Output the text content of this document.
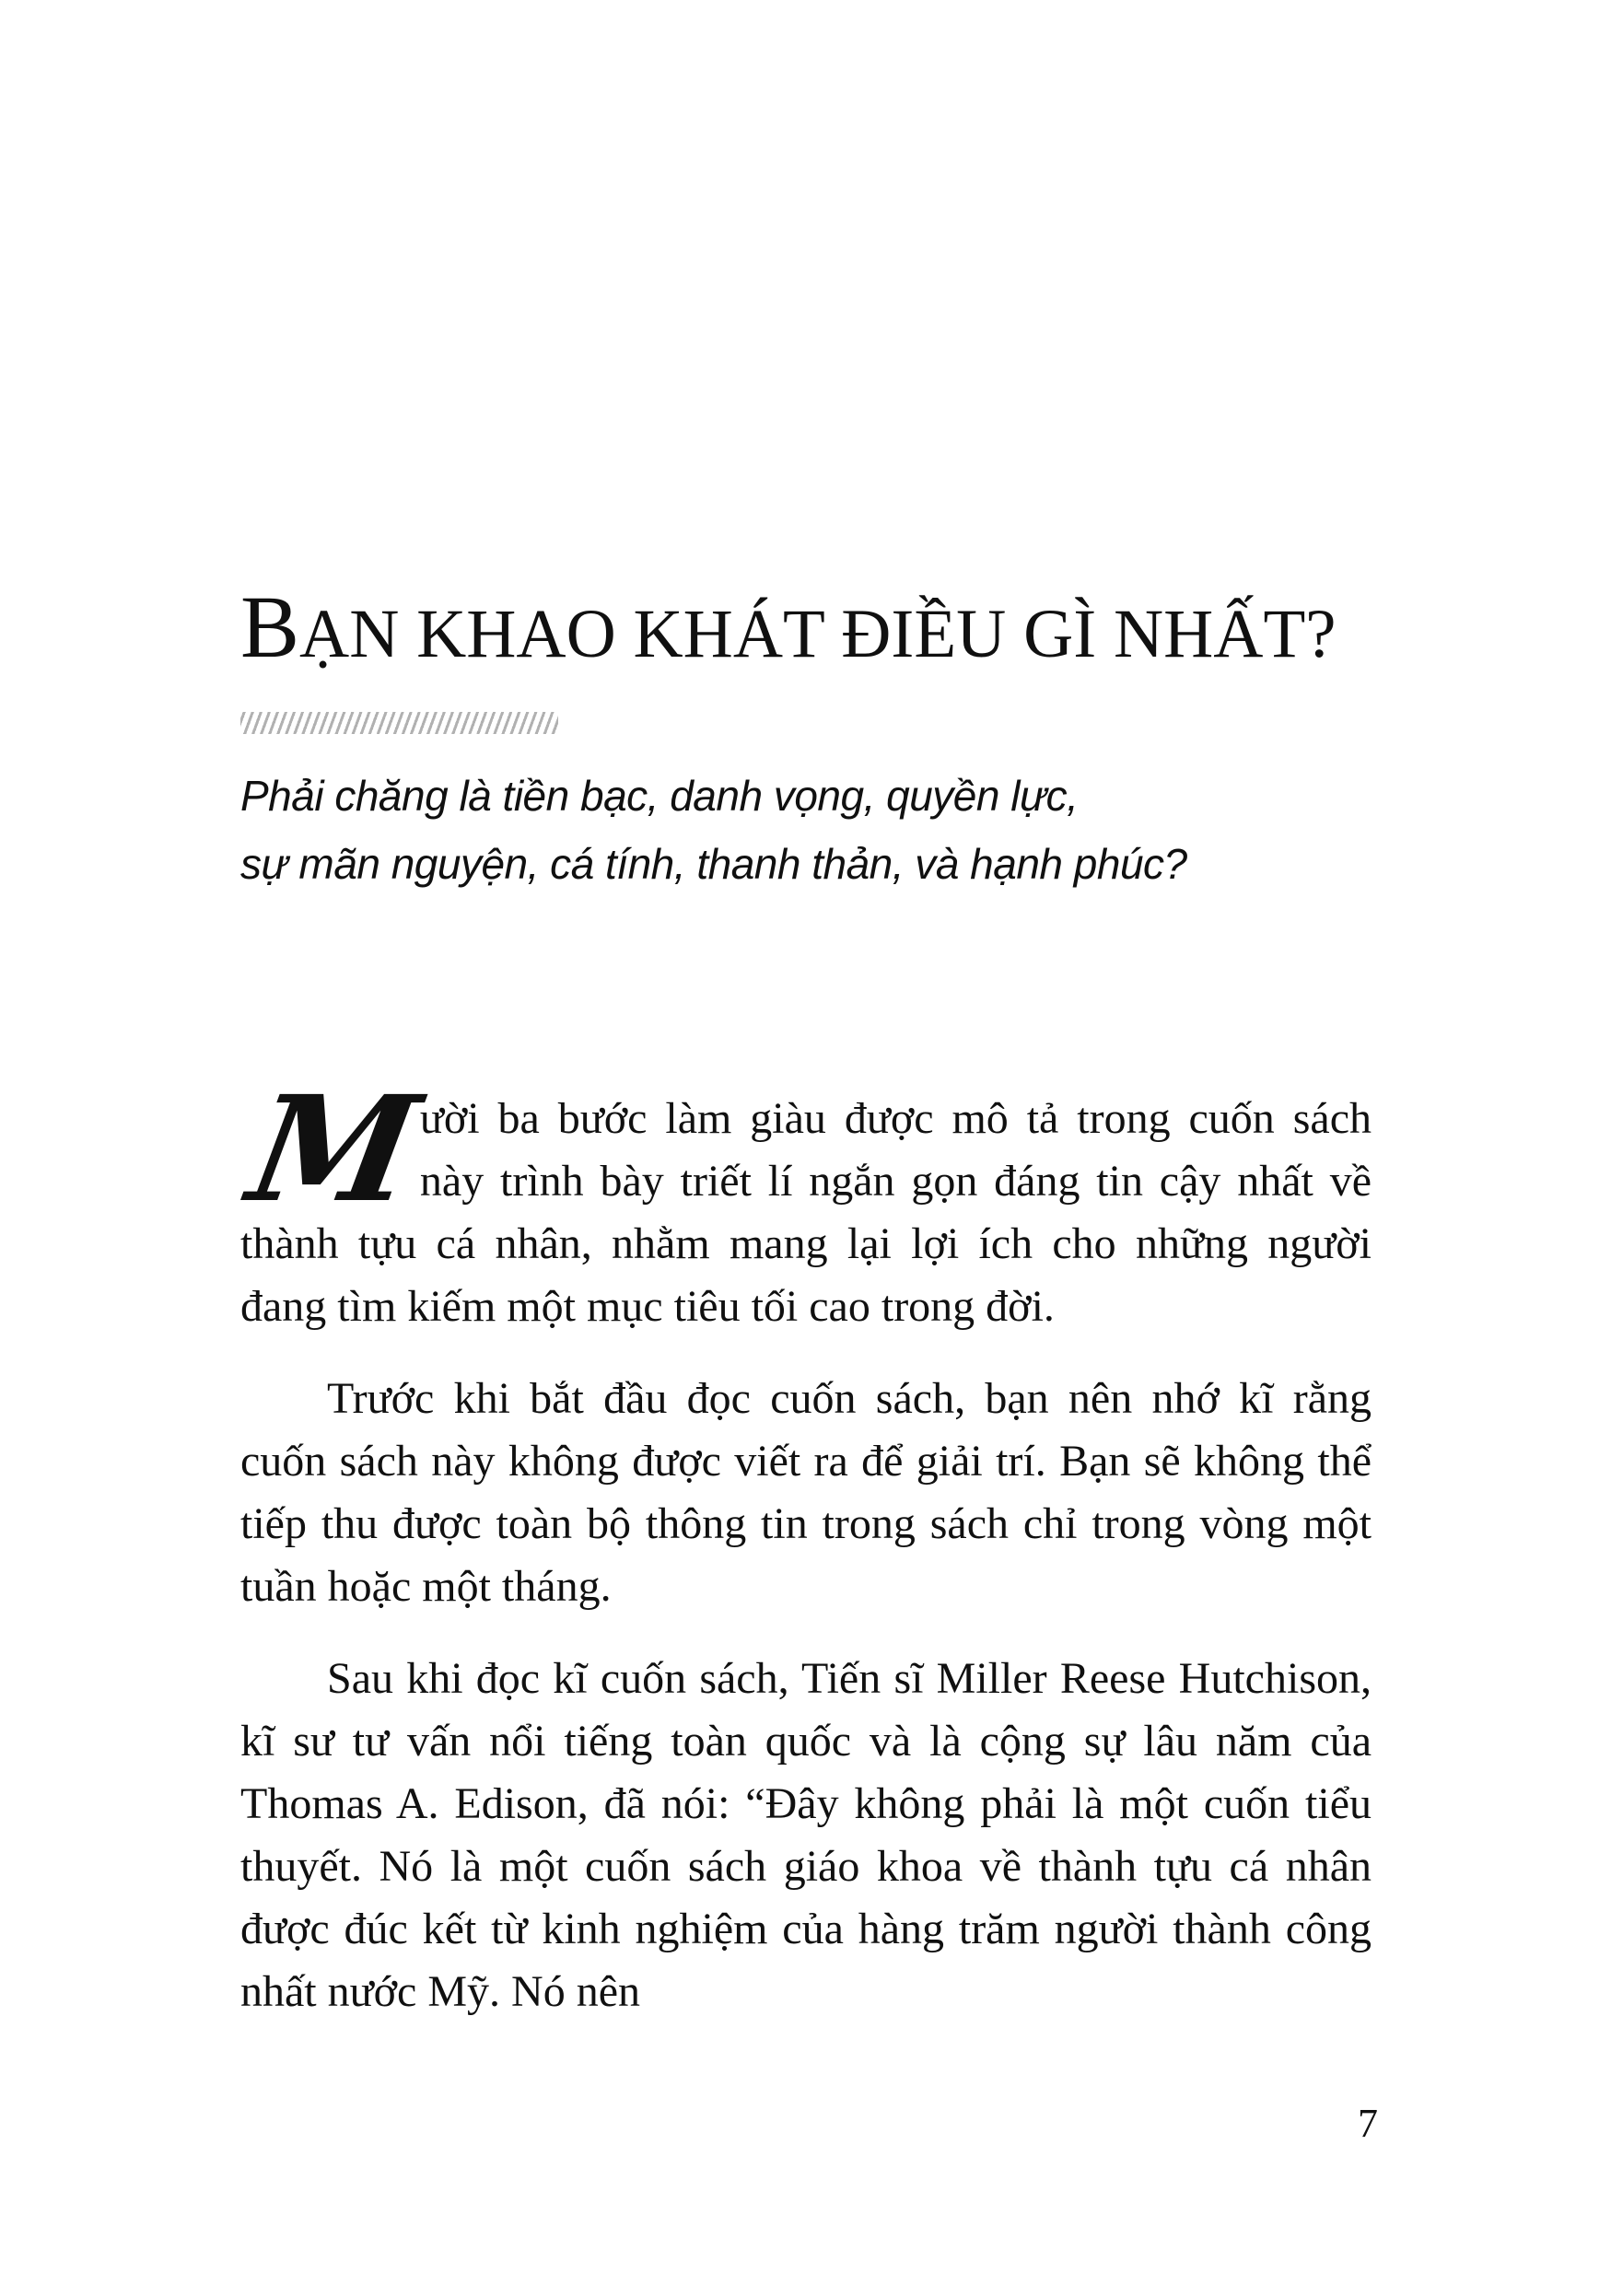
BẠN KHAO KHÁT ĐIỀU GÌ NHẤT?
Phải chăng là tiền bạc, danh vọng, quyền lực,
sự mãn nguyện, cá tính, thanh thản, và hạnh phúc?

M
ười ba bước làm giàu được mô tả trong cuốn sách này trình bày triết lí ngắn gọn đáng tin cậy nhất về thành tựu cá nhân, nhằm mang lại lợi ích cho những người đang tìm kiếm một mục tiêu tối cao trong đời.

Trước khi bắt đầu đọc cuốn sách, bạn nên nhớ kĩ rằng cuốn sách này không được viết ra để giải trí. Bạn sẽ không thể tiếp thu được toàn bộ thông tin trong sách chỉ trong vòng một tuần hoặc một tháng.

Sau khi đọc kĩ cuốn sách, Tiến sĩ Miller Reese Hutchison, kĩ sư tư vấn nổi tiếng toàn quốc và là cộng sự lâu năm của Thomas A. Edison, đã nói: “Đây không phải là một cuốn tiểu thuyết. Nó là một cuốn sách giáo khoa về thành tựu cá nhân được đúc kết từ kinh nghiệm của hàng trăm người thành công nhất nước Mỹ. Nó nên

7
